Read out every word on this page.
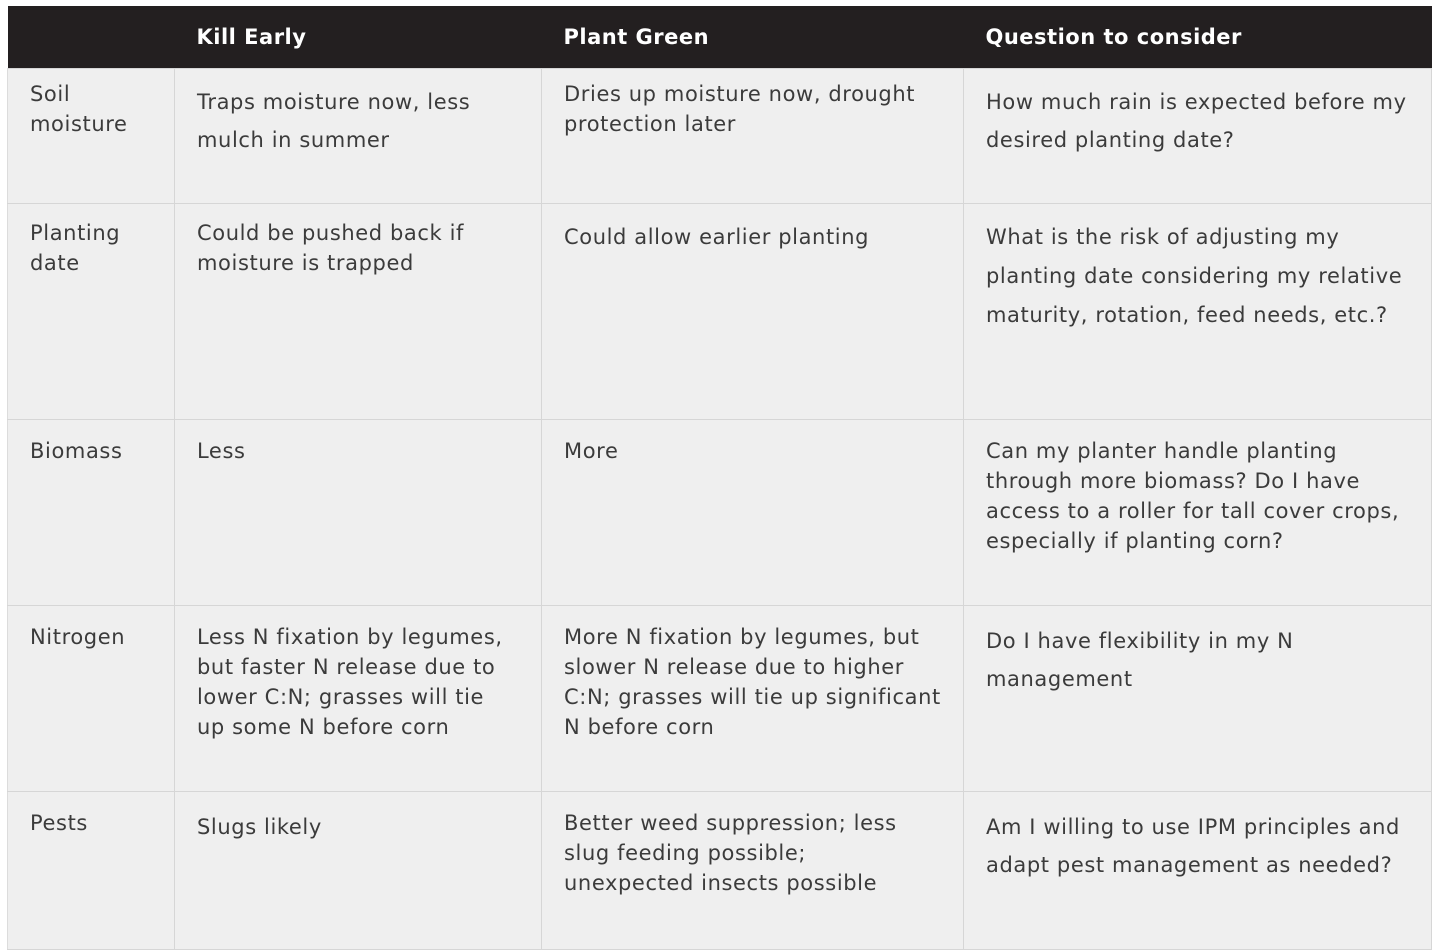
	Kill Early	Plant Green	Question to consider
Soil moisture	Traps moisture now, less mulch in summer	Dries up moisture now, drought protection later	How much rain is expected before my desired planting date?
Planting date	Could be pushed back if moisture is trapped	Could allow earlier planting	What is the risk of adjusting my planting date considering my relative maturity, rotation, feed needs, etc.?
Biomass	Less	More	Can my planter handle planting through more biomass? Do I have access to a roller for tall cover crops, especially if planting corn?
Nitrogen	Less N fixation by legumes, but faster N release due to lower C:N; grasses will tie up some N before corn	More N fixation by legumes, but slower N release due to higher C:N; grasses will tie up significant N before corn	Do I have flexibility in my N management
Pests	Slugs likely	Better weed suppression; less slug feeding possible; unexpected insects possible	Am I willing to use IPM principles and adapt pest management as needed?
